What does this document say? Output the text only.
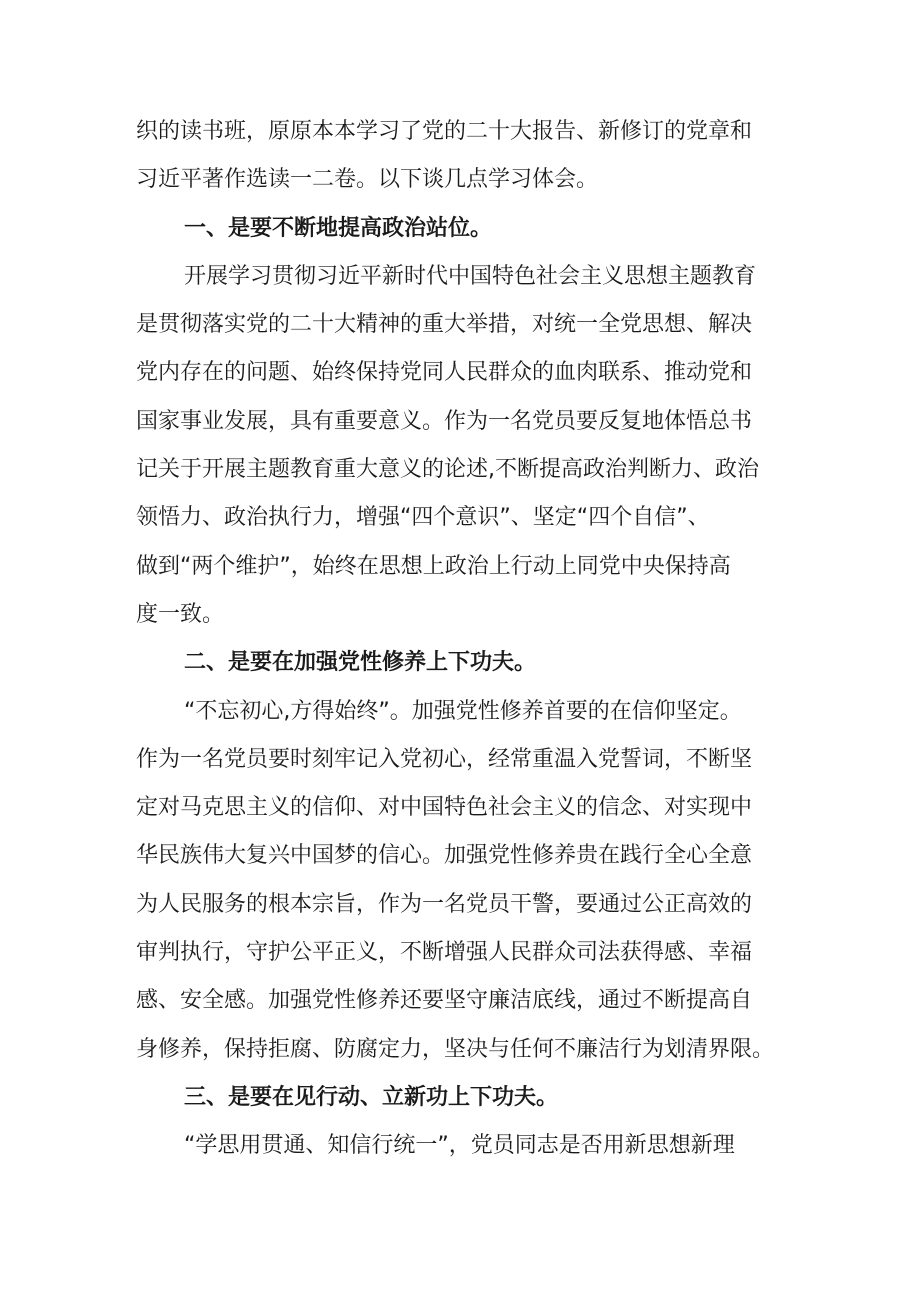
织的读书班，原原本本学习了党的二十大报告、新修订的党章和
习近平著作选读一二卷。以下谈几点学习体会。
一、是要不断地提高政治站位。
开展学习贯彻习近平新时代中国特色社会主义思想主题教育
是贯彻落实党的二十大精神的重大举措，对统一全党思想、解决
党内存在的问题、始终保持党同人民群众的血肉联系、推动党和
国家事业发展，具有重要意义。作为一名党员要反复地体悟总书
记关于开展主题教育重大意义的论述,不断提高政治判断力、政治
领悟力、政治执行力，增强“四个意识”、坚定“四个自信”、
做到“两个维护”，始终在思想上政治上行动上同党中央保持高
度一致。
二、是要在加强党性修养上下功夫。
“不忘初心,方得始终”。加强党性修养首要的在信仰坚定。
作为一名党员要时刻牢记入党初心，经常重温入党誓词，不断坚
定对马克思主义的信仰、对中国特色社会主义的信念、对实现中
华民族伟大复兴中国梦的信心。加强党性修养贵在践行全心全意
为人民服务的根本宗旨，作为一名党员干警，要通过公正高效的
审判执行，守护公平正义，不断增强人民群众司法获得感、幸福
感、安全感。加强党性修养还要坚守廉洁底线，通过不断提高自
身修养，保持拒腐、防腐定力，坚决与任何不廉洁行为划清界限。
三、是要在见行动、立新功上下功夫。
“学思用贯通、知信行统一”，党员同志是否用新思想新理
